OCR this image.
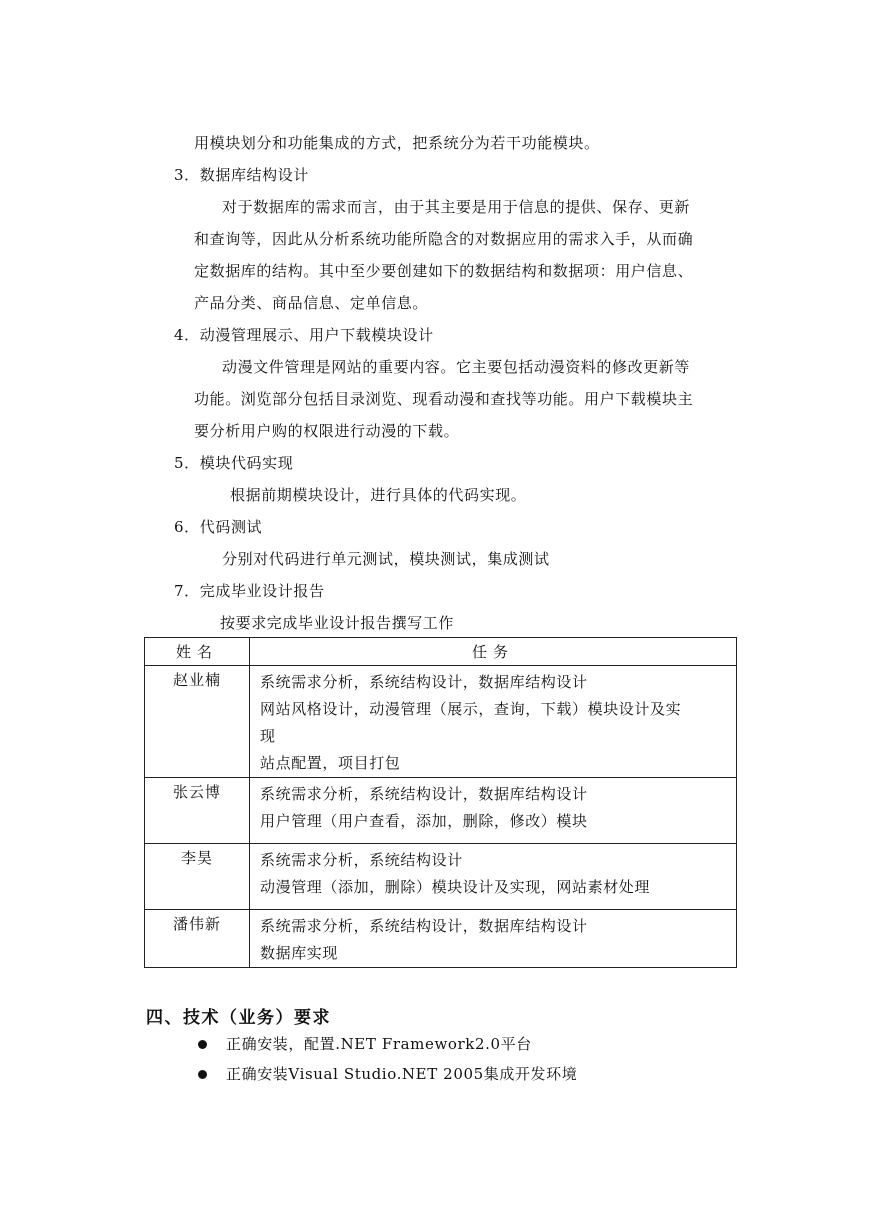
用模块划分和功能集成的方式，把系统分为若干功能模块。
3．数据库结构设计
对于数据库的需求而言，由于其主要是用于信息的提供、保存、更新
和查询等，因此从分析系统功能所隐含的对数据应用的需求入手，从而确
定数据库的结构。其中至少要创建如下的数据结构和数据项：用户信息、
产品分类、商品信息、定单信息。
4．动漫管理展示、用户下载模块设计
动漫文件管理是网站的重要内容。它主要包括动漫资料的修改更新等
功能。浏览部分包括目录浏览、现看动漫和查找等功能。用户下载模块主
要分析用户购的权限进行动漫的下载。
5．模块代码实现
根据前期模块设计，进行具体的代码实现。
6．代码测试
分别对代码进行单元测试，模块测试，集成测试
7．完成毕业设计报告
按要求完成毕业设计报告撰写工作
姓名	任务
赵业楠	系统需求分析，系统结构设计，数据库结构设计
网站风格设计，动漫管理（展示，查询，下载）模块设计及实
现
站点配置，项目打包

张云博	系统需求分析，系统结构设计，数据库结构设计
用户管理（用户查看，添加，删除，修改）模块

李昊	系统需求分析，系统结构设计
动漫管理（添加，删除）模块设计及实现，网站素材处理

潘伟新	系统需求分析，系统结构设计，数据库结构设计
数据库实现
四、技术（业务）要求
正确安装，配置.NET Framework2.0平台
正确安装Visual Studio.NET 2005集成开发环境
